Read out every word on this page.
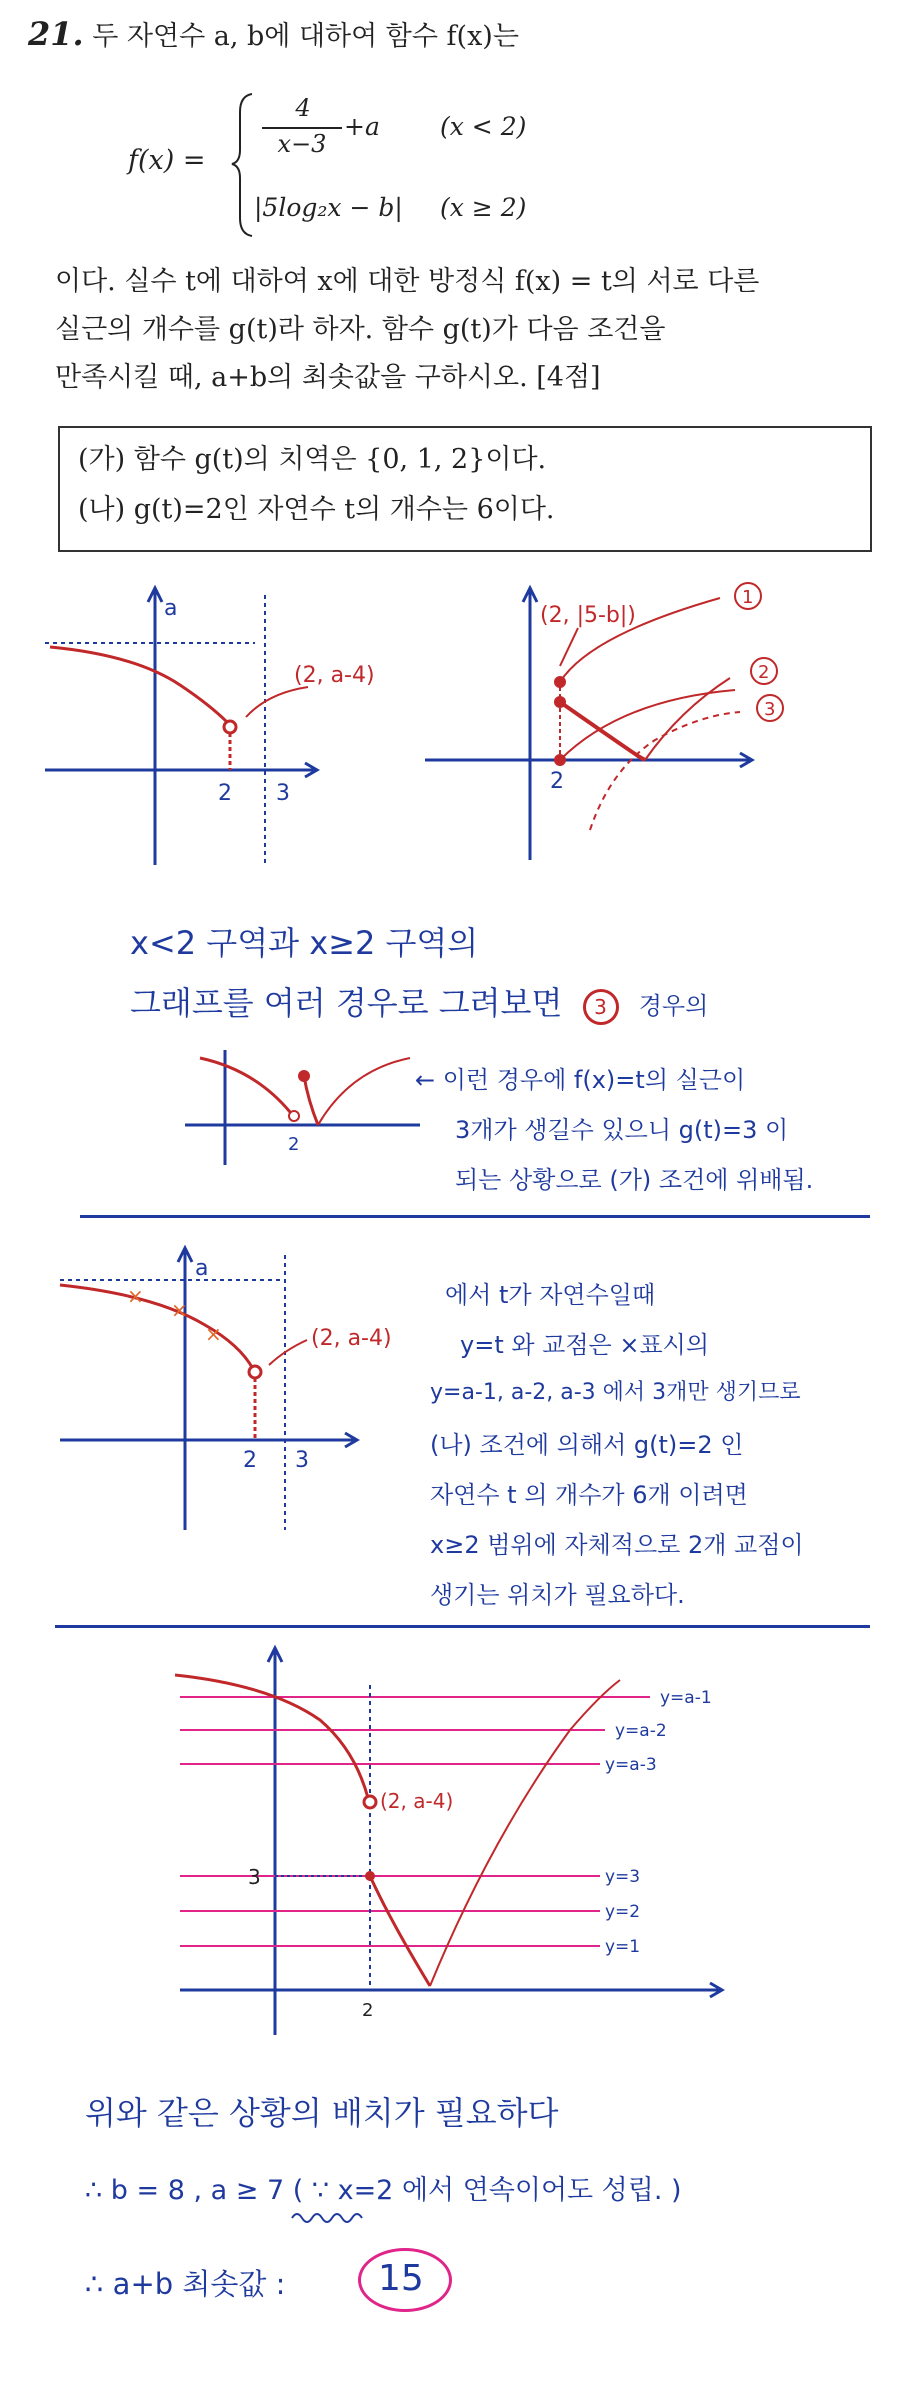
21. 두 자연수 a, b에 대하여 함수 f(x)는
f(x) =
4
x−3
+a (x < 2)
|5log₂x − b| (x ≥ 2)
이다. 실수 t에 대하여 x에 대한 방정식 f(x) = t의 서로 다른
실근의 개수를 g(t)라 하자. 함수 g(t)가 다음 조건을
만족시킬 때, a+b의 최솟값을 구하시오. [4점]
(가) 함수 g(t)의 치역은 {0, 1, 2}이다.
(나) g(t)=2인 자연수 t의 개수는 6이다.
a
(2, a-4)
2 3
(2, |5-b|)
1
2
3
2
x<2 구역과 x≥2 구역의
그래프를 여러 경우로 그려보면 3 경우의
2
← 이런 경우에 f(x)=t의 실근이
3개가 생길수 있으니 g(t)=3 이
되는 상황으로 (가) 조건에 위배됨.
×
×
×
a
(2, a-4)
2 3
에서 t가 자연수일때
y=t 와 교점은 ×표시의
y=a-1, a-2, a-3 에서 3개만 생기므로
(나) 조건에 의해서 g(t)=2 인
자연수 t 의 개수가 6개 이려면
x≥2 범위에 자체적으로 2개 교점이
생기는 위치가 필요하다.
(2, a-4)
3
2
y=a-1
y=a-2
y=a-3
y=3
y=2
y=1
위와 같은 상황의 배치가 필요하다
∴ b = 8 , a ≥ 7 ( ∵ x=2 에서 연속이어도 성립. )
∴ a+b 최솟값 :	15
